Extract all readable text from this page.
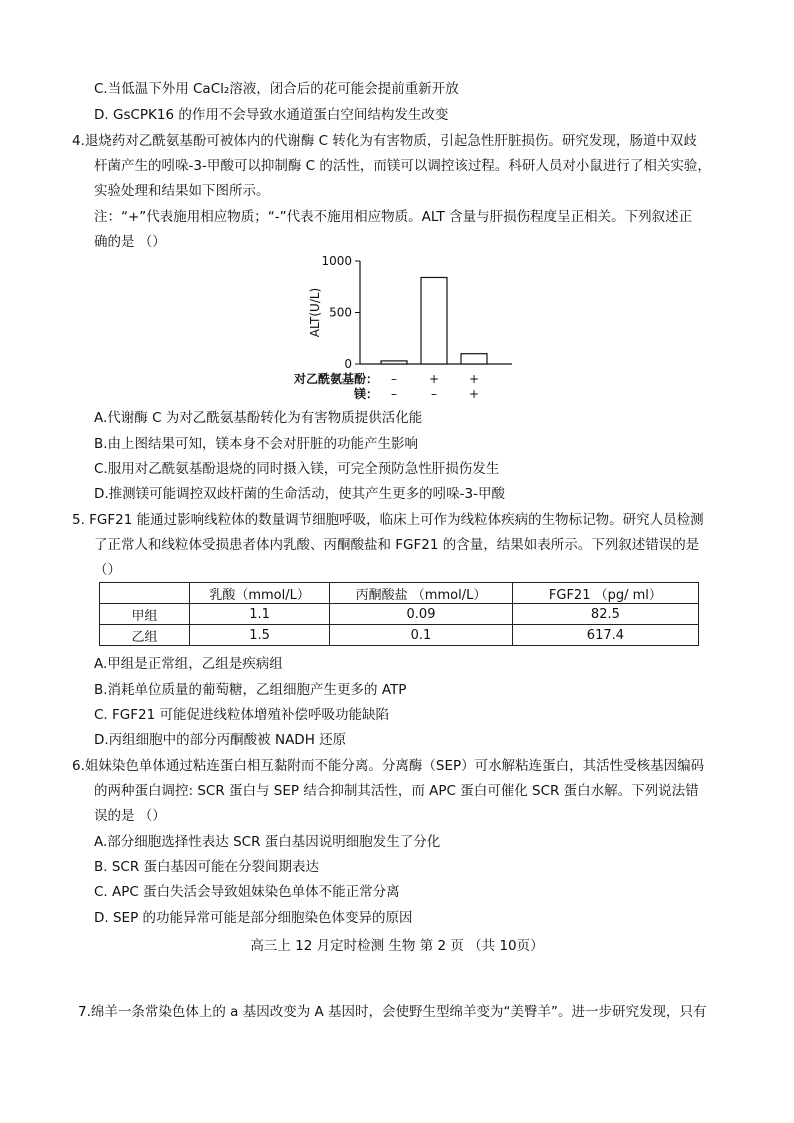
C.当低温下外用 CaCl₂溶液，闭合后的花可能会提前重新开放
D. GsCPK16 的作用不会导致水通道蛋白空间结构发生改变
4.退烧药对乙酰氨基酚可被体内的代谢酶 C 转化为有害物质，引起急性肝脏损伤。研究发现，肠道中双歧
杆菌产生的吲哚-3-甲酸可以抑制酶 C 的活性，而镁可以调控该过程。科研人员对小鼠进行了相关实验，
实验处理和结果如下图所示。
注：“+”代表施用相应物质；“-”代表不施用相应物质。ALT 含量与肝损伤程度呈正相关。下列叙述正
确的是 （）
0
500
1000
ALT(U/L)
–
–
+
–
+
+
对乙酰氨基酚：
镁：
A.代谢酶 C 为对乙酰氨基酚转化为有害物质提供活化能
B.由上图结果可知，镁本身不会对肝脏的功能产生影响
C.服用对乙酰氨基酚退烧的同时摄入镁，可完全预防急性肝损伤发生
D.推测镁可能调控双歧杆菌的生命活动，使其产生更多的吲哚-3-甲酸
5. FGF21 能通过影响线粒体的数量调节细胞呼吸，临床上可作为线粒体疾病的生物标记物。研究人员检测
了正常人和线粒体受损患者体内乳酸、丙酮酸盐和 FGF21 的含量，结果如表所示。下列叙述错误的是
（）
	乳酸（mmol/L）	丙酮酸盐 （mmol/L）	FGF21 （pg/ ml）
甲组	1.1	0.09	82.5
乙组	1.5	0.1	617.4
A.甲组是正常组，乙组是疾病组
B.消耗单位质量的葡萄糖，乙组细胞产生更多的 ATP
C. FGF21 可能促进线粒体增殖补偿呼吸功能缺陷
D.丙组细胞中的部分丙酮酸被 NADH 还原
6.姐妹染色单体通过粘连蛋白相互黏附而不能分离。分离酶（SEP）可水解粘连蛋白，其活性受核基因编码
的两种蛋白调控: SCR 蛋白与 SEP 结合抑制其活性，而 APC 蛋白可催化 SCR 蛋白水解。下列说法错
误的是 （）
A.部分细胞选择性表达 SCR 蛋白基因说明细胞发生了分化
B. SCR 蛋白基因可能在分裂间期表达
C. APC 蛋白失活会导致姐妹染色单体不能正常分离
D. SEP 的功能异常可能是部分细胞染色体变异的原因
高三上 12 月定时检测 生物 第 2 页 （共 10页）
7.绵羊一条常染色体上的 a 基因改变为 A 基因时，会使野生型绵羊变为“美臀羊”。进一步研究发现，只有
